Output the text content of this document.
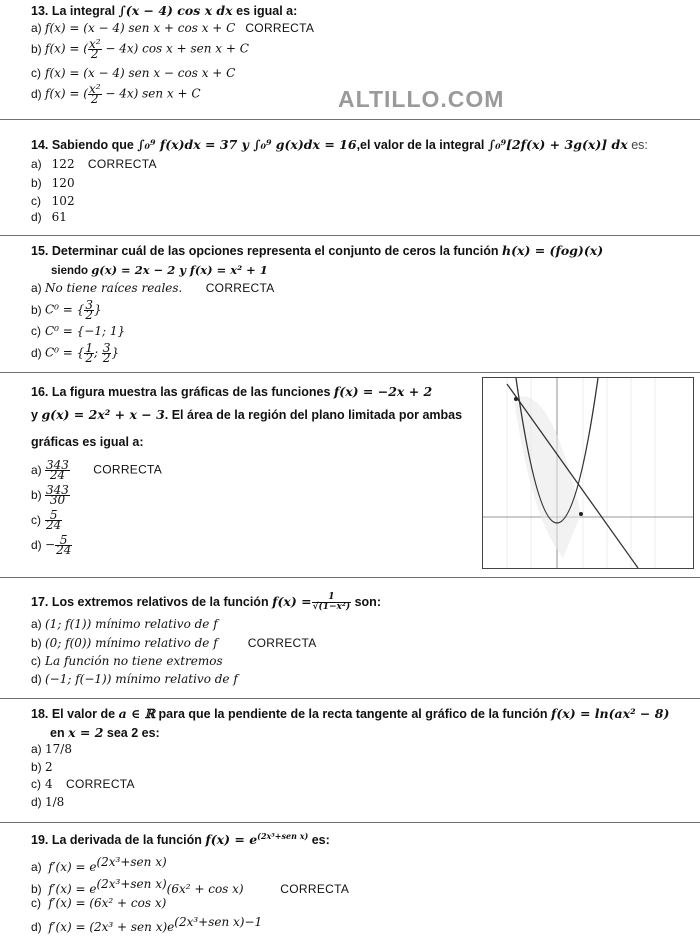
ALTILLO.COM
13. La integral ∫(x − 4) cos x dx es igual a:
a) f(x) = (x − 4) sen x + cos x + C CORRECTA
b) f(x) = ( $\frac{\text{x²}}{2} - 4x$) cos x + sen x + C
c) f(x) = (x − 4) sen x − cos x + C
d) f(x) = ( $\frac{\text{x²}}{2} - 4x$) sen x + C
14. Sabiendo que ∫₀⁹ f(x)dx = 37 y ∫₀⁹ g(x)dx = 16,el valor de la integral ∫₀⁹[2f(x) + 3g(x)] dx es:
a) 122 CORRECTA
b) 120
c) 102
d) 61
15. Determinar cuál de las opciones representa el conjunto de ceros la función h(x) = (fog)(x)
siendo g(x) = 2x − 2 y f(x) = x² + 1
a) No tiene raíces reales. CORRECTA
b) C⁰ = { $\frac{3}{2}$ }
c) C⁰ = {−1; 1}
d) C⁰ = { $\frac{1}{2}$ ; $\frac{3}{2}$ }
16. La figura muestra las gráficas de las funciones f(x) = −2x + 2
y g(x) = 2x² + x − 3. El área de la región del plano limitada por ambas
gráficas es igual a:
$a) \frac{343}{24}$ CORRECTA
$b) \frac{343}{30}$
$c) \frac{5}{24}$
$d) - \frac{5}{24}$
17. Los extremos relativos de la función $f(x) = \frac{1}{\text{√(1−x²)}}$ son:
a) (1; f(1)) mínimo relativo de f
b) (0; f(0)) mínimo relativo de f	CORRECTA
c) La función no tiene extremos
d) (−1; f(−1)) mínimo relativo de f
18. El valor de a ∈ ℝ para que la pendiente de la recta tangente al gráfico de la función f(x) = ln(ax² − 8)
en x = 2 sea 2 es:
a) 17/8
b) 2
c) 4 CORRECTA
d) 1/8
19. La derivada de la función $f(x) = e^{(2x^3+sen x)}$ es:
a) $f'(x) = e^{(2x^3+sen x)}$
b) $f'(x) = e^{(2x^3+sen x)}(6x^2 + \cos x)$	CORRECTA
c) f′(x) = (6x² + cos x)
d) f′(x) = (2x³ + sen $x)e^{(2x^3+sen x)-1}$
